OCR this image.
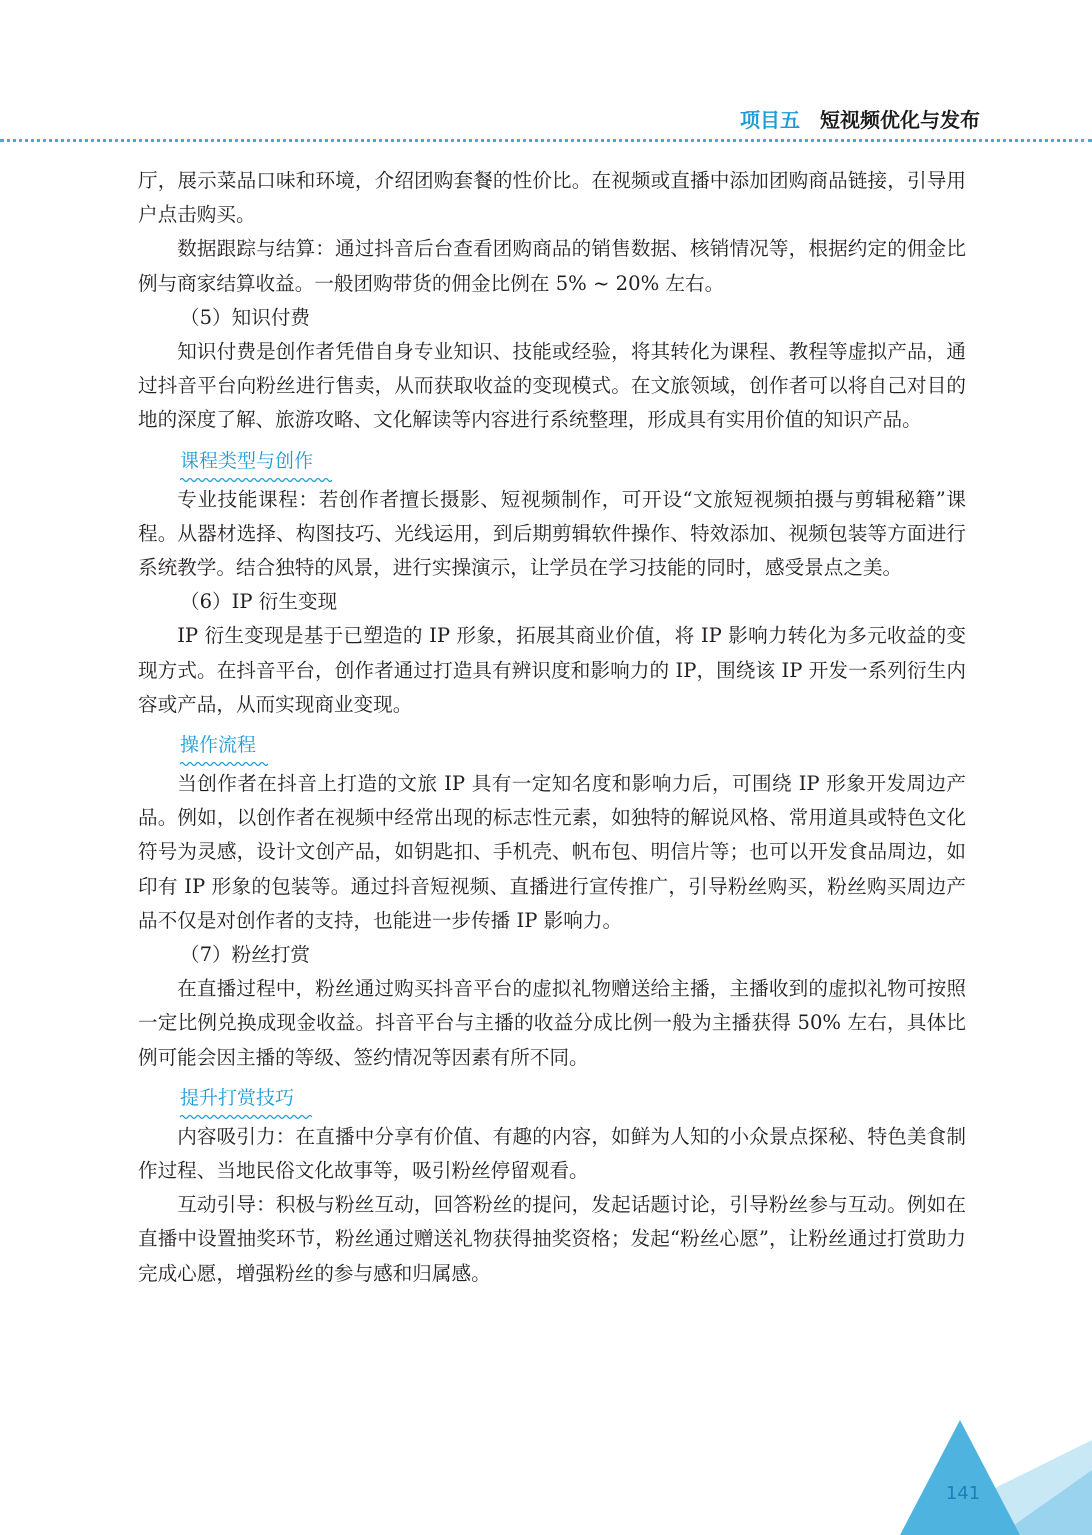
项目五 短视频优化与发布

厅，展示菜品口味和环境，介绍团购套餐的性价比。在视频或直播中添加团购商品链接，引导用户点击购买。

数据跟踪与结算：通过抖音后台查看团购商品的销售数据、核销情况等，根据约定的佣金比例与商家结算收益。一般团购带货的佣金比例在 5% ~ 20% 左右。

（5）知识付费

知识付费是创作者凭借自身专业知识、技能或经验，将其转化为课程、教程等虚拟产品，通过抖音平台向粉丝进行售卖，从而获取收益的变现模式。在文旅领域，创作者可以将自己对目的地的深度了解、旅游攻略、文化解读等内容进行系统整理，形成具有实用价值的知识产品。

课程类型与创作

专业技能课程：若创作者擅长摄影、短视频制作，可开设“文旅短视频拍摄与剪辑秘籍”课程。从器材选择、构图技巧、光线运用，到后期剪辑软件操作、特效添加、视频包装等方面进行系统教学。结合独特的风景，进行实操演示，让学员在学习技能的同时，感受景点之美。

（6）IP 衍生变现

IP 衍生变现是基于已塑造的 IP 形象，拓展其商业价值，将 IP 影响力转化为多元收益的变现方式。在抖音平台，创作者通过打造具有辨识度和影响力的 IP，围绕该 IP 开发一系列衍生内容或产品，从而实现商业变现。

操作流程

当创作者在抖音上打造的文旅 IP 具有一定知名度和影响力后，可围绕 IP 形象开发周边产品。例如，以创作者在视频中经常出现的标志性元素，如独特的解说风格、常用道具或特色文化符号为灵感，设计文创产品，如钥匙扣、手机壳、帆布包、明信片等；也可以开发食品周边，如印有 IP 形象的包装等。通过抖音短视频、直播进行宣传推广，引导粉丝购买，粉丝购买周边产品不仅是对创作者的支持，也能进一步传播 IP 影响力。

（7）粉丝打赏

在直播过程中，粉丝通过购买抖音平台的虚拟礼物赠送给主播，主播收到的虚拟礼物可按照一定比例兑换成现金收益。抖音平台与主播的收益分成比例一般为主播获得 50% 左右，具体比例可能会因主播的等级、签约情况等因素有所不同。

提升打赏技巧

内容吸引力：在直播中分享有价值、有趣的内容，如鲜为人知的小众景点探秘、特色美食制作过程、当地民俗文化故事等，吸引粉丝停留观看。

互动引导：积极与粉丝互动，回答粉丝的提问，发起话题讨论，引导粉丝参与互动。例如在直播中设置抽奖环节，粉丝通过赠送礼物获得抽奖资格；发起“粉丝心愿”，让粉丝通过打赏助力完成心愿，增强粉丝的参与感和归属感。

141
